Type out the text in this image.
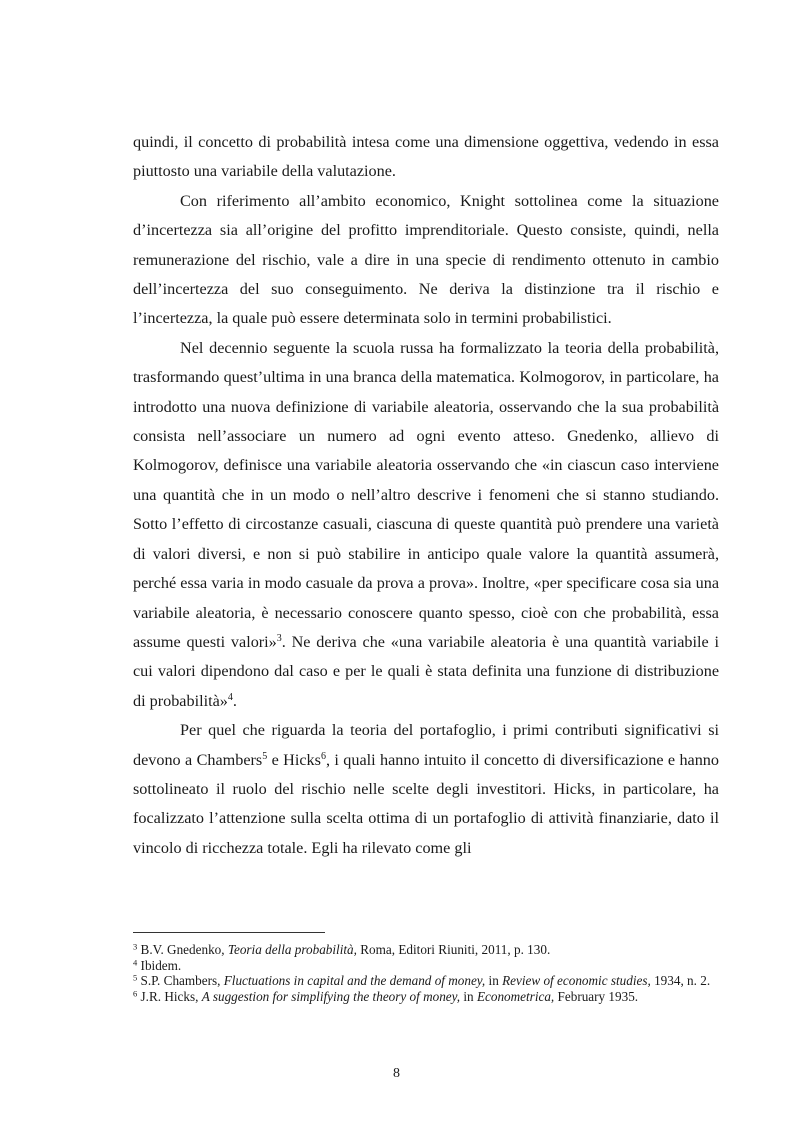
quindi, il concetto di probabilità intesa come una dimensione oggettiva, vedendo in essa piuttosto una variabile della valutazione.

Con riferimento all’ambito economico, Knight sottolinea come la situazione d’incertezza sia all’origine del profitto imprenditoriale. Questo consiste, quindi, nella remunerazione del rischio, vale a dire in una specie di rendimento ottenuto in cambio dell’incertezza del suo conseguimento. Ne deriva la distinzione tra il rischio e l’incertezza, la quale può essere determinata solo in termini probabilistici.

Nel decennio seguente la scuola russa ha formalizzato la teoria della probabilità, trasformando quest’ultima in una branca della matematica. Kolmogorov, in particolare, ha introdotto una nuova definizione di variabile aleatoria, osservando che la sua probabilità consista nell’associare un numero ad ogni evento atteso. Gnedenko, allievo di Kolmogorov, definisce una variabile aleatoria osservando che «in ciascun caso interviene una quantità che in un modo o nell’altro descrive i fenomeni che si stanno studiando. Sotto l’effetto di circostanze casuali, ciascuna di queste quantità può prendere una varietà di valori diversi, e non si può stabilire in anticipo quale valore la quantità assumerà, perché essa varia in modo casuale da prova a prova». Inoltre, «per specificare cosa sia una variabile aleatoria, è necessario conoscere quanto spesso, cioè con che probabilità, essa assume questi valori»$^3$. Ne deriva che «una variabile aleatoria è una quantità variabile i cui valori dipendono dal caso e per le quali è stata definita una funzione di distribuzione di probabilità»$^4$.

Per quel che riguarda la teoria del portafoglio, i primi contributi significativi si devono a Chambers$^5$ e Hicks$^6$, i quali hanno intuito il concetto di diversificazione e hanno sottolineato il ruolo del rischio nelle scelte degli investitori. Hicks, in particolare, ha focalizzato l’attenzione sulla scelta ottima di un portafoglio di attività finanziarie, dato il vincolo di ricchezza totale. Egli ha rilevato come gli

$^3$ B.V. Gnedenko, Teoria della probabilità, Roma, Editori Riuniti, 2011, p. 130.

$^4$ Ibidem.

$^5$ S.P. Chambers, Fluctuations in capital and the demand of money, in Review of economic studies, 1934, n. 2.

$^6$ J.R. Hicks, A suggestion for simplifying the theory of money, in Econometrica, February 1935.

8
